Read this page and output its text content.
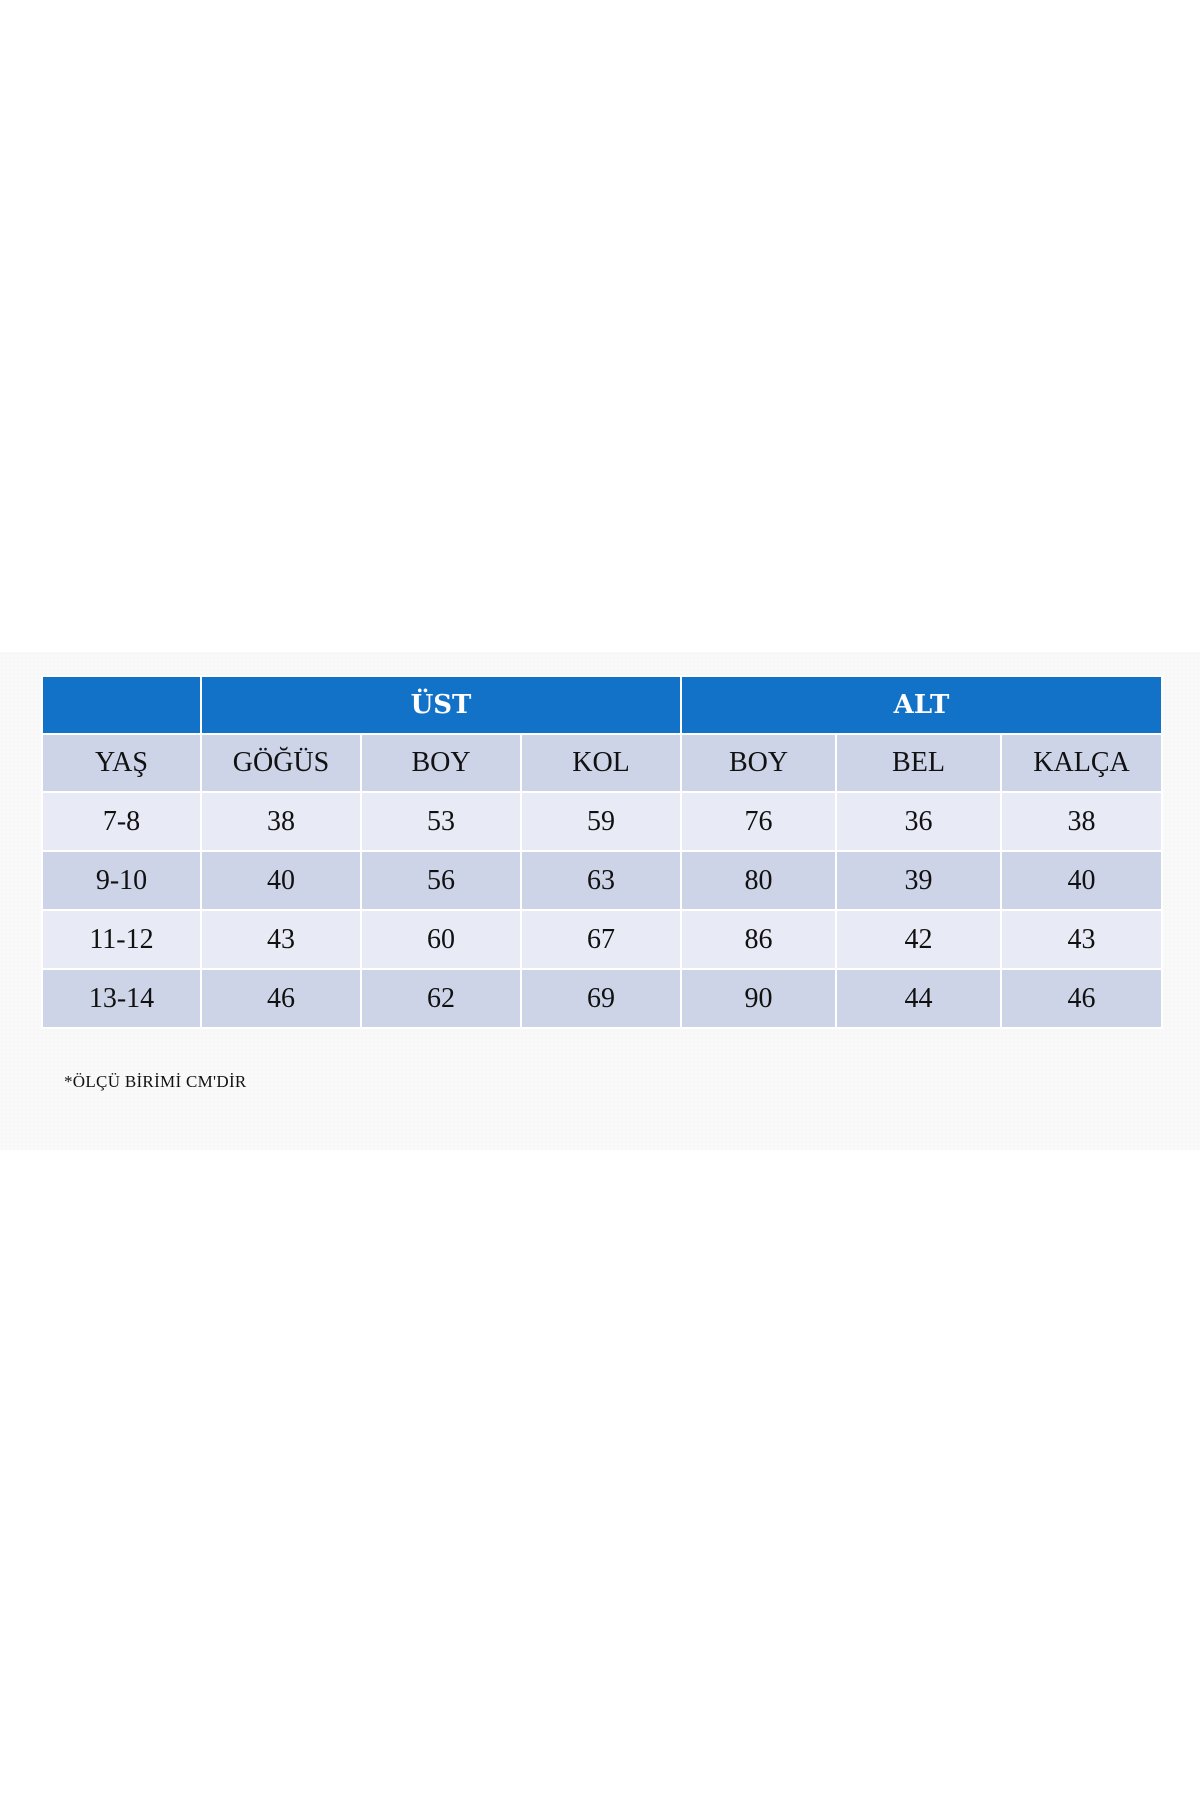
	ÜST			ALT		
YAŞ	GÖĞÜS	BOY	KOL	BOY	BEL	KALÇA
7-8	38	53	59	76	36	38
9-10	40	56	63	80	39	40
11-12	43	60	67	86	42	43
13-14	46	62	69	90	44	46
*ÖLÇÜ BİRİMİ CM'DİR
